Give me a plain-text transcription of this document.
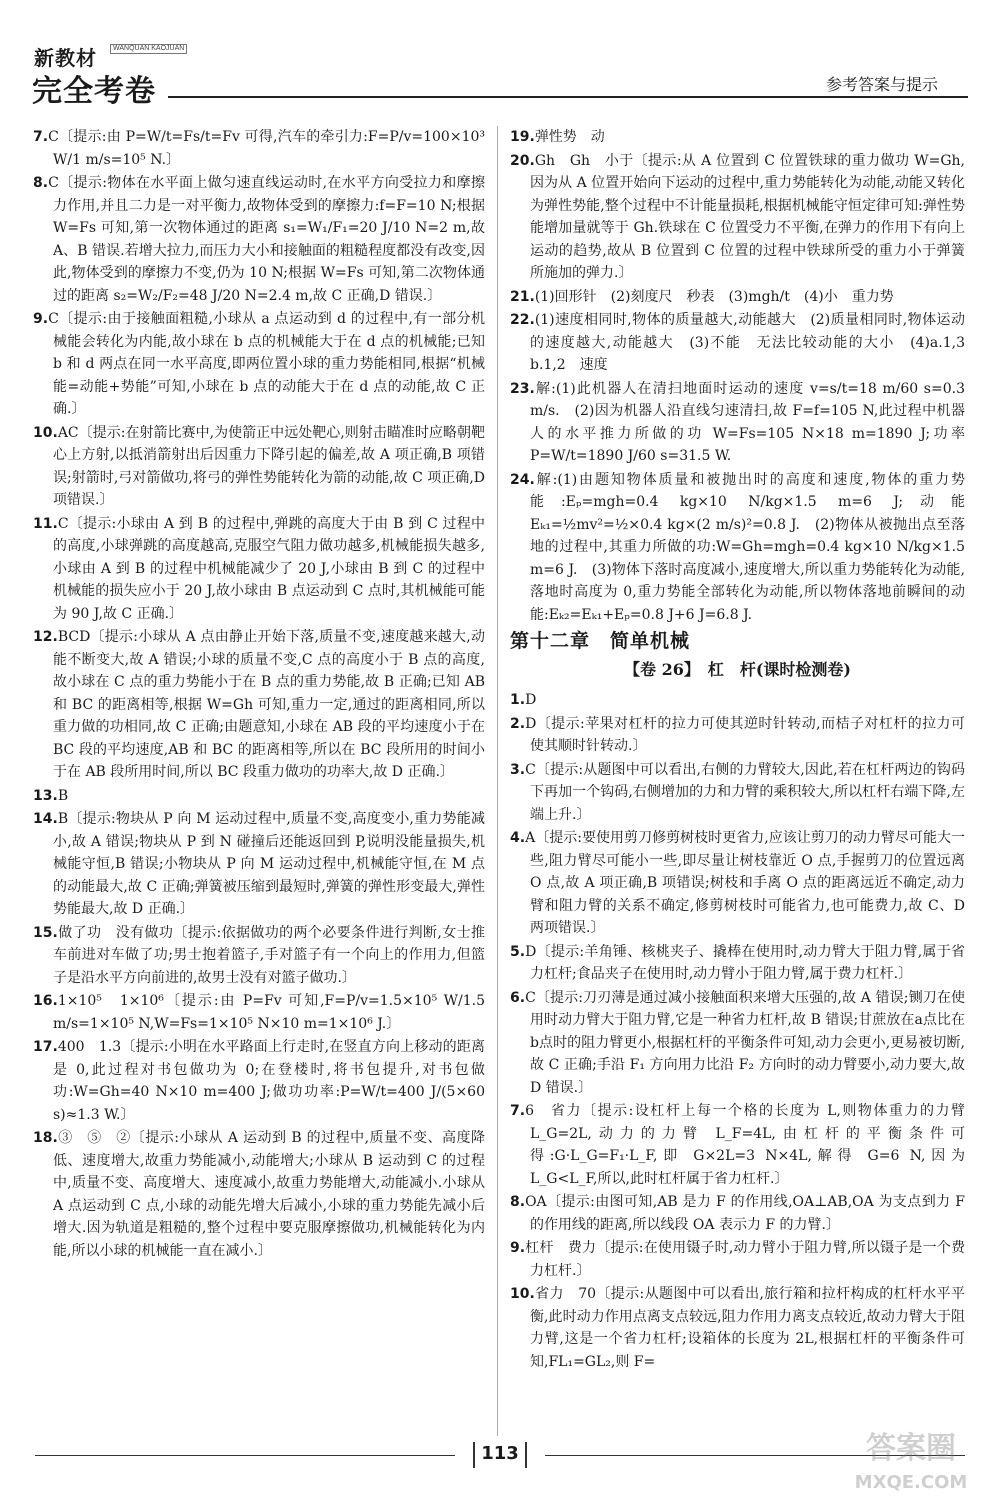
新教材	WANQUAN KAOJUAN
完全考卷	参考答案与提示
7.C〔提示:由 P=W/t=Fs/t=Fv 可得,汽车的牵引力:F=P/v=100×10³ W/1 m/s=10⁵ N.〕
8.C〔提示:物体在水平面上做匀速直线运动时,在水平方向受拉力和摩擦力作用,并且二力是一对平衡力,故物体受到的摩擦力:f=F=10 N;根据 W=Fs 可知,第一次物体通过的距离 s₁=W₁/F₁=20 J/10 N=2 m,故 A、B 错误.若增大拉力,而压力大小和接触面的粗糙程度都没有改变,因此,物体受到的摩擦力不变,仍为 10 N;根据 W=Fs 可知,第二次物体通过的距离 s₂=W₂/F₂=48 J/20 N=2.4 m,故 C 正确,D 错误.〕
9.C〔提示:由于接触面粗糙,小球从 a 点运动到 d 的过程中,有一部分机械能会转化为内能,故小球在 b 点的机械能大于在 d 点的机械能;已知 b 和 d 两点在同一水平高度,即两位置小球的重力势能相同,根据“机械能=动能+势能”可知,小球在 b 点的动能大于在 d 点的动能,故 C 正确.〕
10.AC〔提示:在射箭比赛中,为使箭正中远处靶心,则射击瞄准时应略朝靶心上方射,以抵消箭射出后因重力下降引起的偏差,故 A 项正确,B 项错误;射箭时,弓对箭做功,将弓的弹性势能转化为箭的动能,故 C 项正确,D 项错误.〕
11.C〔提示:小球由 A 到 B 的过程中,弹跳的高度大于由 B 到 C 过程中的高度,小球弹跳的高度越高,克服空气阻力做功越多,机械能损失越多,小球由 A 到 B 的过程中机械能减少了 20 J,小球由 B 到 C 的过程中机械能的损失应小于 20 J,故小球由 B 点运动到 C 点时,其机械能可能为 90 J,故 C 正确.〕
12.BCD〔提示:小球从 A 点由静止开始下落,质量不变,速度越来越大,动能不断变大,故 A 错误;小球的质量不变,C 点的高度小于 B 点的高度,故小球在 C 点的重力势能小于在 B 点的重力势能,故 B 正确;已知 AB 和 BC 的距离相等,根据 W=Gh 可知,重力一定,通过的距离相同,所以重力做的功相同,故 C 正确;由题意知,小球在 AB 段的平均速度小于在 BC 段的平均速度,AB 和 BC 的距离相等,所以在 BC 段所用的时间小于在 AB 段所用时间,所以 BC 段重力做功的功率大,故 D 正确.〕
13.B
14.B〔提示:物块从 P 向 M 运动过程中,质量不变,高度变小,重力势能减小,故 A 错误;物块从 P 到 N 碰撞后还能返回到 P,说明没能量损失,机械能守恒,B 错误;小物块从 P 向 M 运动过程中,机械能守恒,在 M 点的动能最大,故 C 正确;弹簧被压缩到最短时,弹簧的弹性形变最大,弹性势能最大,故 D 正确.〕
15.做了功　没有做功〔提示:依据做功的两个必要条件进行判断,女士推车前进对车做了功;男士抱着篮子,手对篮子有一个向上的作用力,但篮子是沿水平方向前进的,故男士没有对篮子做功.〕
16.1×10⁵　1×10⁶〔提示:由 P=Fv 可知,F=P/v=1.5×10⁵ W/1.5 m/s=1×10⁵ N,W=Fs=1×10⁵ N×10 m=1×10⁶ J.〕
17.400　1.3〔提示:小明在水平路面上行走时,在竖直方向上移动的距离是 0,此过程对书包做功为 0;在登楼时,将书包提升,对书包做功:W=Gh=40 N×10 m=400 J;做功功率:P=W/t=400 J/(5×60 s)≈1.3 W.〕
18.③　⑤　②〔提示:小球从 A 运动到 B 的过程中,质量不变、高度降低、速度增大,故重力势能减小,动能增大;小球从 B 运动到 C 的过程中,质量不变、高度增大、速度减小,故重力势能增大,动能减小.小球从 A 点运动到 C 点,小球的动能先增大后减小,小球的重力势能先减小后增大.因为轨道是粗糙的,整个过程中要克服摩擦做功,机械能转化为内能,所以小球的机械能一直在减小.〕
19.弹性势　动
20.Gh　Gh　小于〔提示:从 A 位置到 C 位置铁球的重力做功 W=Gh,因为从 A 位置开始向下运动的过程中,重力势能转化为动能,动能又转化为弹性势能,整个过程中不计能量损耗,根据机械能守恒定律可知:弹性势能增加量就等于 Gh.铁球在 C 位置受力不平衡,在弹力的作用下有向上运动的趋势,故从 B 位置到 C 位置的过程中铁球所受的重力小于弹簧所施加的弹力.〕
21.(1)回形针　(2)刻度尺　秒表　(3)mgh/t　(4)小　重力势
22.(1)速度相同时,物体的质量越大,动能越大　(2)质量相同时,物体运动的速度越大,动能越大　(3)不能　无法比较动能的大小　(4)a.1,3　b.1,2　速度
23.解:(1)此机器人在清扫地面时运动的速度 v=s/t=18 m/60 s=0.3 m/s.　(2)因为机器人沿直线匀速清扫,故 F=f=105 N,此过程中机器人的水平推力所做的功 W=Fs=105 N×18 m=1890 J;功率 P=W/t=1890 J/60 s=31.5 W.
24.解:(1)由题知物体质量和被抛出时的高度和速度,物体的重力势能:Eₚ=mgh=0.4 kg×10 N/kg×1.5 m=6 J;动能 Eₖ₁=½mv²=½×0.4 kg×(2 m/s)²=0.8 J.　(2)物体从被抛出点至落地的过程中,其重力所做的功:W=Gh=mgh=0.4 kg×10 N/kg×1.5 m=6 J.　(3)物体下落时高度减小,速度增大,所以重力势能转化为动能,落地时高度为 0,重力势能全部转化为动能,所以物体落地前瞬间的动能:Eₖ₂=Eₖ₁+Eₚ=0.8 J+6 J=6.8 J.
第十二章　简单机械
【卷 26】　杠　杆(课时检测卷)
1.D
2.D〔提示:苹果对杠杆的拉力可使其逆时针转动,而桔子对杠杆的拉力可使其顺时针转动.〕
3.C〔提示:从题图中可以看出,右侧的力臂较大,因此,若在杠杆两边的钩码下再加一个钩码,右侧增加的力和力臂的乘积较大,所以杠杆右端下降,左端上升.〕
4.A〔提示:要使用剪刀修剪树枝时更省力,应该让剪刀的动力臂尽可能大一些,阻力臂尽可能小一些,即尽量让树枝靠近 O 点,手握剪刀的位置远离 O 点,故 A 项正确,B 项错误;树枝和手离 O 点的距离远近不确定,动力臂和阻力臂的关系不确定,修剪树枝时可能省力,也可能费力,故 C、D 两项错误.〕
5.D〔提示:羊角锤、核桃夹子、撬棒在使用时,动力臂大于阻力臂,属于省力杠杆;食品夹子在使用时,动力臂小于阻力臂,属于费力杠杆.〕
6.C〔提示:刀刃薄是通过减小接触面积来增大压强的,故 A 错误;铡刀在使用时动力臂大于阻力臂,它是一种省力杠杆,故 B 错误;甘蔗放在a点比在b点时的阻力臂更小,根据杠杆的平衡条件可知,动力会更小,更易被切断,故 C 正确;手沿 F₁ 方向用力比沿 F₂ 方向时的动力臂要小,动力要大,故 D 错误.〕
7.6　省力〔提示:设杠杆上每一个格的长度为 L,则物体重力的力臂 L_G=2L,动力的力臂 L_F=4L,由杠杆的平衡条件可得:G·L_G=F₁·L_F,即 G×2L=3 N×4L,解得 G=6 N,因为 L_G<L_F,所以,此时杠杆属于省力杠杆.〕
8.OA〔提示:由图可知,AB 是力 F 的作用线,OA⊥AB,OA 为支点到力 F 的作用线的距离,所以线段 OA 表示力 F 的力臂.〕
9.杠杆　费力〔提示:在使用镊子时,动力臂小于阻力臂,所以镊子是一个费力杠杆.〕
10.省力　70〔提示:从题图中可以看出,旅行箱和拉杆构成的杠杆水平平衡,此时动力作用点离支点较远,阻力作用力离支点较近,故动力臂大于阻力臂,这是一个省力杠杆;设箱体的长度为 2L,根据杠杆的平衡条件可知,FL₁=GL₂,则 F=
113	答案圈
MXQE.COM
